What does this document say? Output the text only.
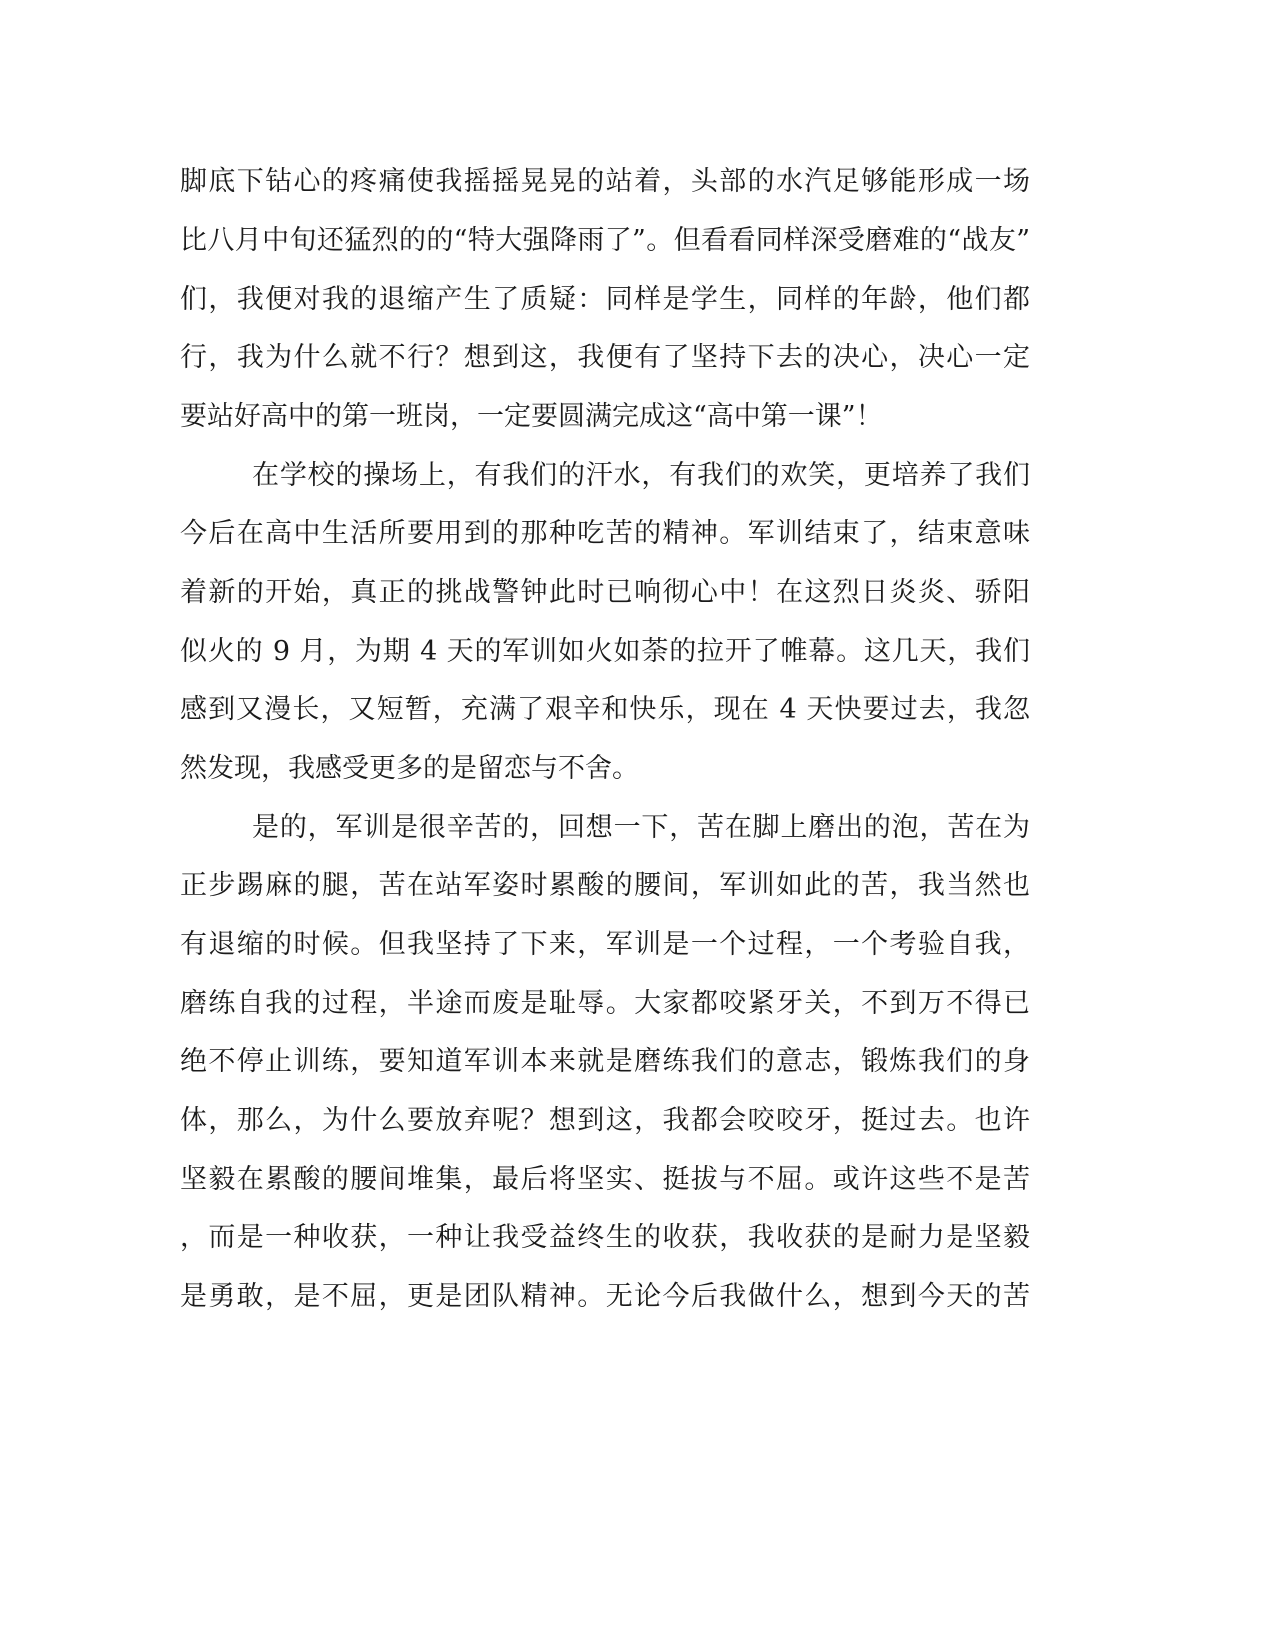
脚底下钻心的疼痛使我摇摇晃晃的站着，头部的水汽足够能形成一场
比八月中旬还猛烈的的“特大强降雨了”。但看看同样深受磨难的“战友”
们，我便对我的退缩产生了质疑：同样是学生，同样的年龄，他们都
行，我为什么就不行？想到这，我便有了坚持下去的决心，决心一定
要站好高中的第一班岗，一定要圆满完成这“高中第一课”！
在学校的操场上，有我们的汗水，有我们的欢笑，更培养了我们
今后在高中生活所要用到的那种吃苦的精神。军训结束了，结束意味
着新的开始，真正的挑战警钟此时已响彻心中！在这烈日炎炎、骄阳
似火的 9 月，为期 4 天的军训如火如荼的拉开了帷幕。这几天，我们
感到又漫长，又短暂，充满了艰辛和快乐，现在 4 天快要过去，我忽
然发现，我感受更多的是留恋与不舍。
是的，军训是很辛苦的，回想一下，苦在脚上磨出的泡，苦在为
正步踢麻的腿，苦在站军姿时累酸的腰间，军训如此的苦，我当然也
有退缩的时候。但我坚持了下来，军训是一个过程，一个考验自我，
磨练自我的过程，半途而废是耻辱。大家都咬紧牙关，不到万不得已
绝不停止训练，要知道军训本来就是磨练我们的意志，锻炼我们的身
体，那么，为什么要放弃呢？想到这，我都会咬咬牙，挺过去。也许
坚毅在累酸的腰间堆集，最后将坚实、挺拔与不屈。或许这些不是苦
，而是一种收获，一种让我受益终生的收获，我收获的是耐力是坚毅
是勇敢，是不屈，更是团队精神。无论今后我做什么，想到今天的苦
